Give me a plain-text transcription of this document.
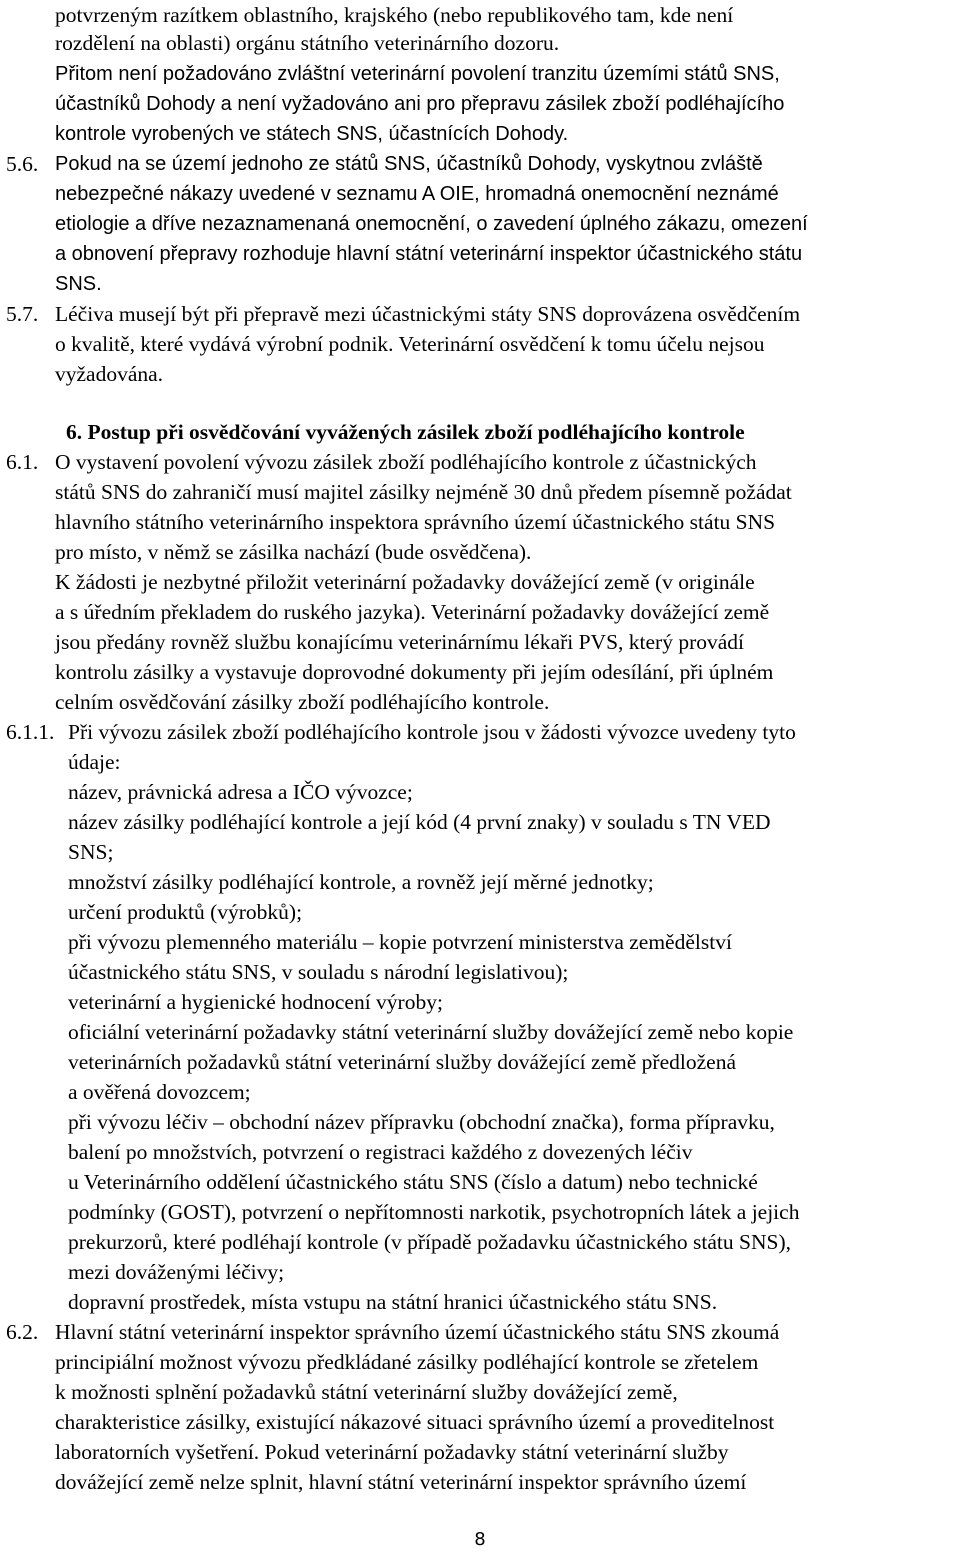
potvrzeným razítkem oblastního, krajského (nebo republikového tam, kde není
rozdělení na oblasti) orgánu státního veterinárního dozoru.
Přitom není požadováno zvláštní veterinární povolení tranzitu územími států SNS,
účastníků Dohody a není vyžadováno ani pro přepravu zásilek zboží podléhajícího
kontrole vyrobených ve státech SNS, účastnících Dohody.
5.6. Pokud na se území jednoho ze států SNS, účastníků Dohody, vyskytnou zvláště
nebezpečné nákazy uvedené v seznamu A OIE, hromadná onemocnění neznámé
etiologie a dříve nezaznamenaná onemocnění, o zavedení úplného zákazu, omezení
a obnovení přepravy rozhoduje hlavní státní veterinární inspektor účastnického státu
SNS.
5.7. Léčiva musejí být při přepravě mezi účastnickými státy SNS doprovázena osvědčením
o kvalitě, které vydává výrobní podnik. Veterinární osvědčení k tomu účelu nejsou
vyžadována.
6. Postup při osvědčování vyvážených zásilek zboží podléhajícího kontrole
6.1. O vystavení povolení vývozu zásilek zboží podléhajícího kontrole z účastnických
států SNS do zahraničí musí majitel zásilky nejméně 30 dnů předem písemně požádat
hlavního státního veterinárního inspektora správního území účastnického státu SNS
pro místo, v němž se zásilka nachází (bude osvědčena).
K žádosti je nezbytné přiložit veterinární požadavky dovážející země (v originále
a s úředním překladem do ruského jazyka). Veterinární požadavky dovážející země
jsou předány rovněž službu konajícímu veterinárnímu lékaři PVS, který provádí
kontrolu zásilky a vystavuje doprovodné dokumenty při jejím odesílání, při úplném
celním osvědčování zásilky zboží podléhajícího kontrole.
6.1.1. Při vývozu zásilek zboží podléhajícího kontrole jsou v žádosti vývozce uvedeny tyto
údaje:
název, právnická adresa a IČO vývozce;
název zásilky podléhající kontrole a její kód (4 první znaky) v souladu s TN VED
SNS;
množství zásilky podléhající kontrole, a rovněž její měrné jednotky;
určení produktů (výrobků);
při vývozu plemenného materiálu – kopie potvrzení ministerstva zemědělství
účastnického státu SNS, v souladu s národní legislativou);
veterinární a hygienické hodnocení výroby;
oficiální veterinární požadavky státní veterinární služby dovážející země nebo kopie
veterinárních požadavků státní veterinární služby dovážející země předložená
a ověřená dovozcem;
při vývozu léčiv – obchodní název přípravku (obchodní značka), forma přípravku,
balení po množstvích, potvrzení o registraci každého z dovezených léčiv
u Veterinárního oddělení účastnického státu SNS (číslo a datum) nebo technické
podmínky (GOST), potvrzení o nepřítomnosti narkotik, psychotropních látek a jejich
prekurzorů, které podléhají kontrole (v případě požadavku účastnického státu SNS),
mezi dováženými léčivy;
dopravní prostředek, místa vstupu na státní hranici účastnického státu SNS.
6.2. Hlavní státní veterinární inspektor správního území účastnického státu SNS zkoumá
principiální možnost vývozu předkládané zásilky podléhající kontrole se zřetelem
k možnosti splnění požadavků státní veterinární služby dovážející země,
charakteristice zásilky, existující nákazové situaci správního území a proveditelnost
laboratorních vyšetření. Pokud veterinární požadavky státní veterinární služby
dovážející země nelze splnit, hlavní státní veterinární inspektor správního území
8
